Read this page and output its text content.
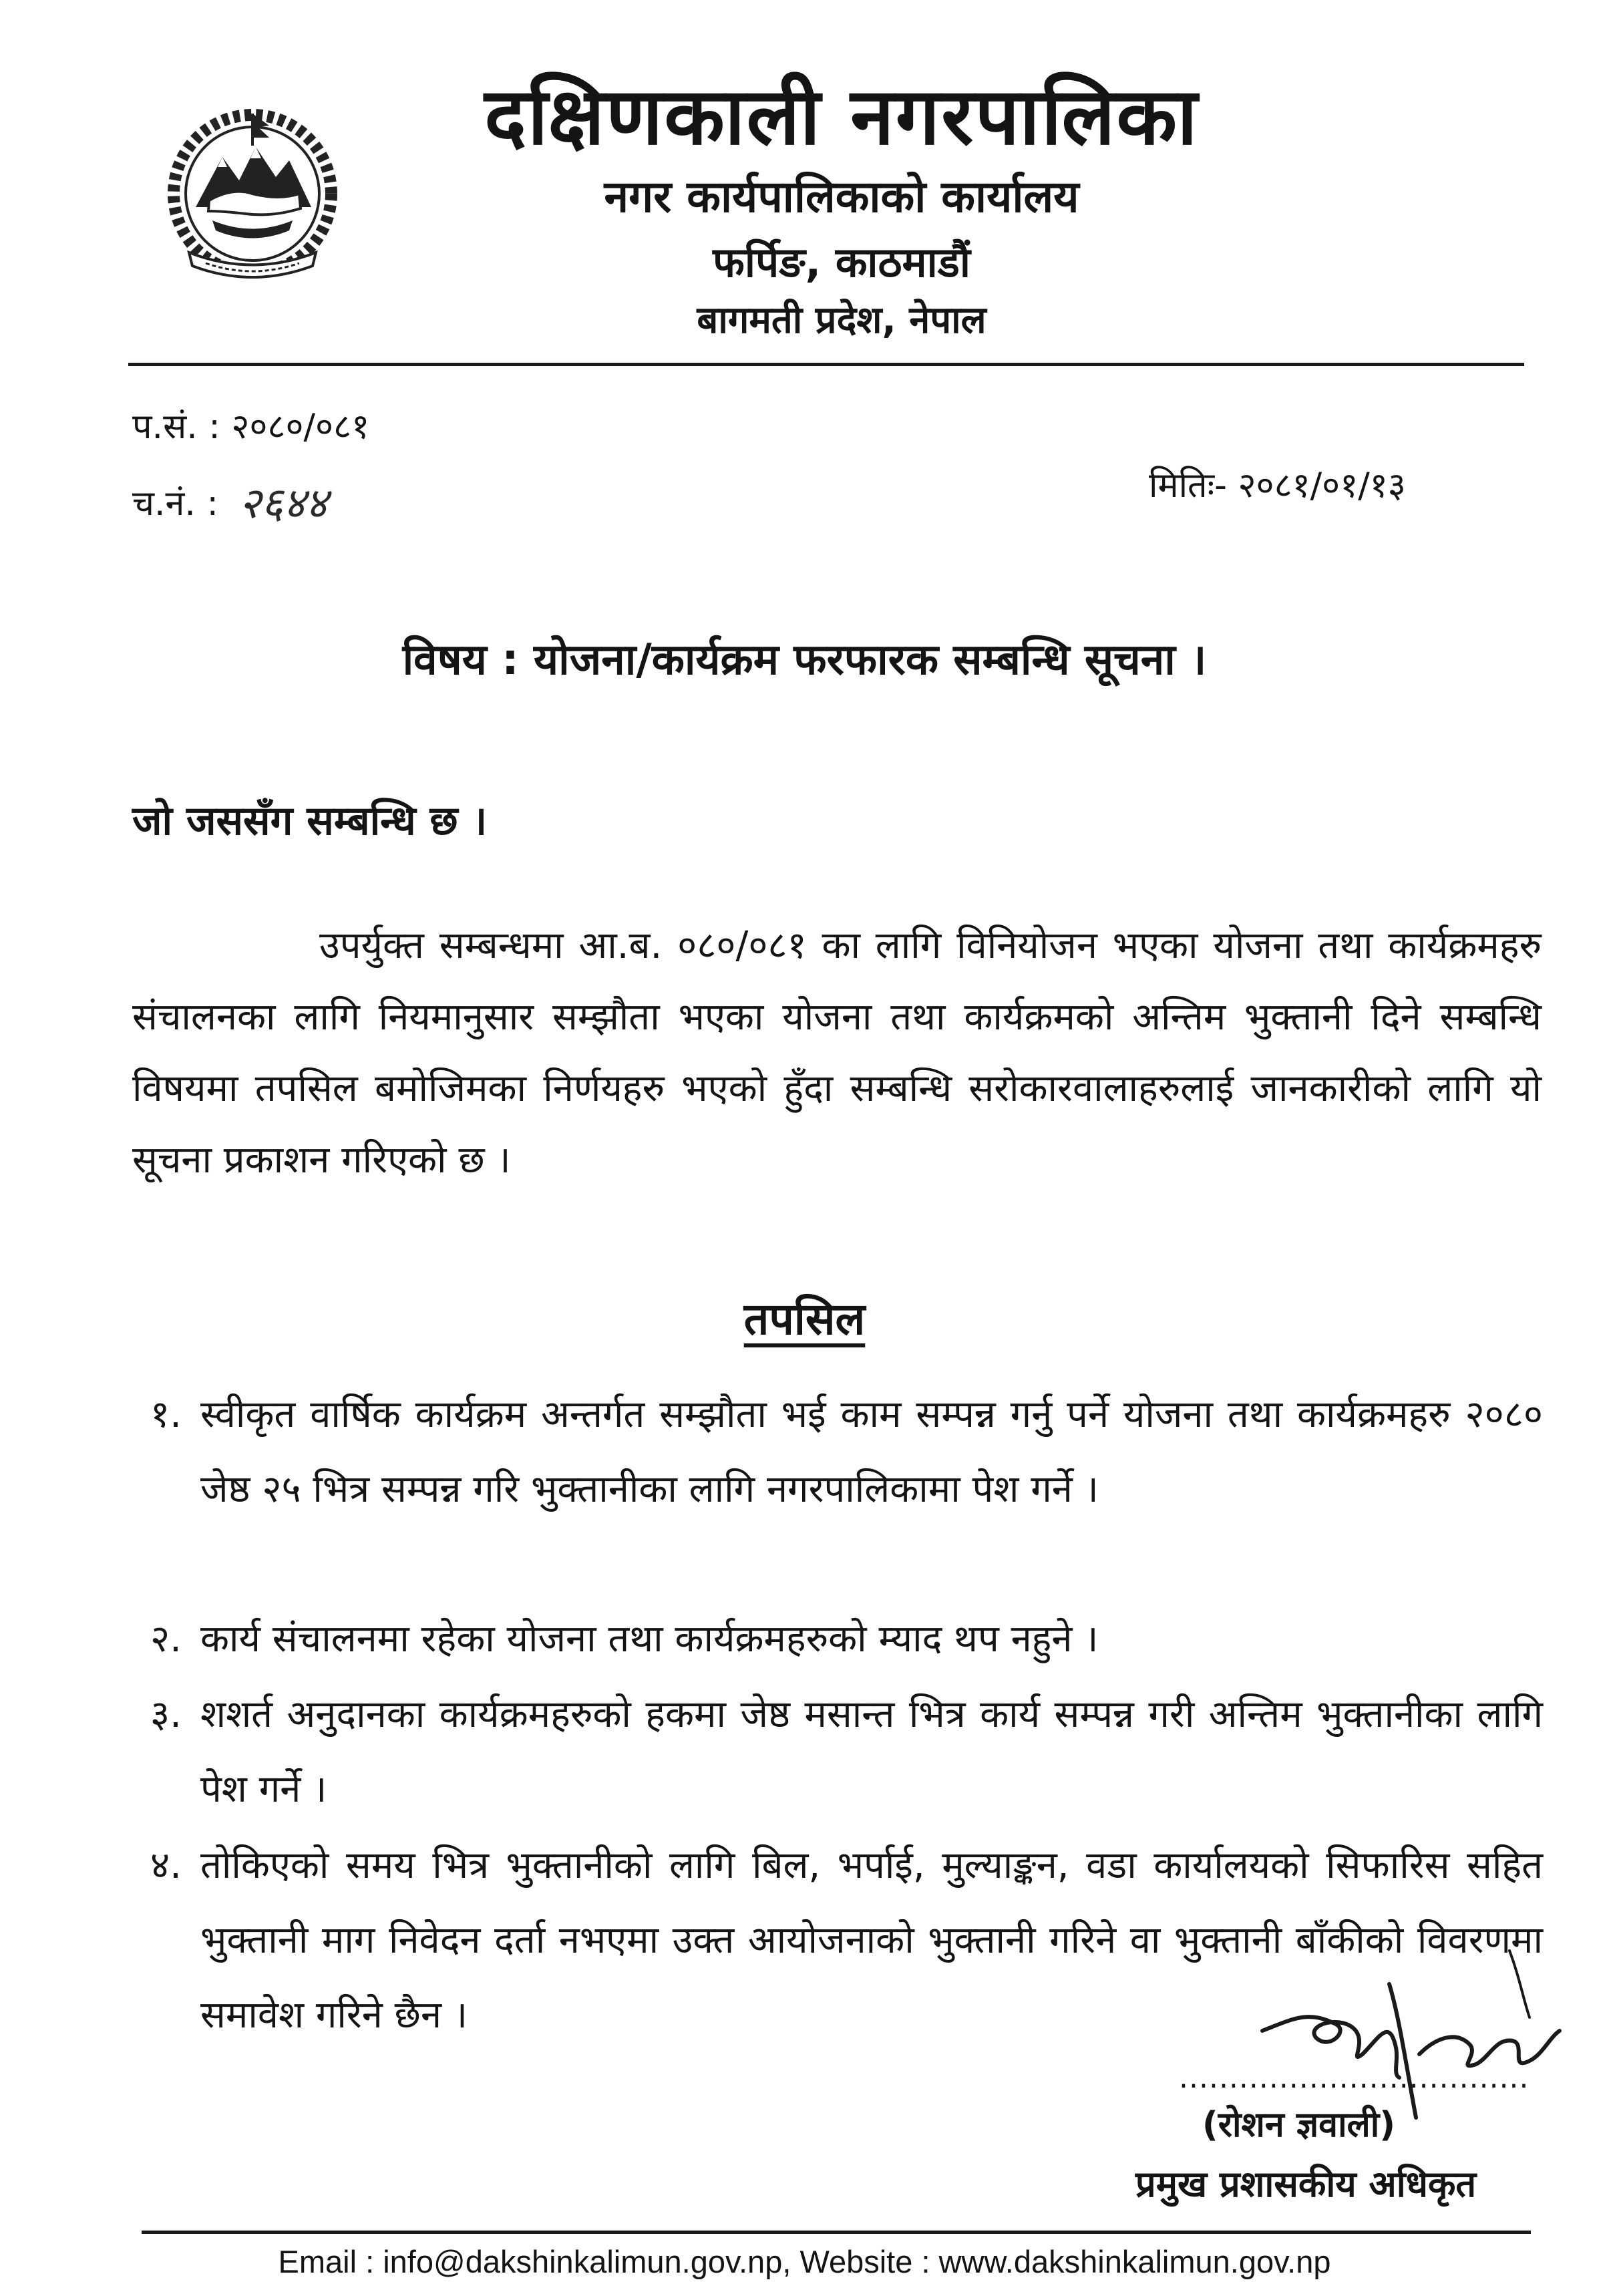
दक्षिणकाली नगरपालिका
नगर कार्यपालिकाको कार्यालय
फर्पिङ, काठमाडौं
बागमती प्रदेश, नेपाल
प.सं. : २०८०/०८१
च.नं. : २६४४	मितिः- २०८१/०१/१३
विषय : योजना/कार्यक्रम फरफारक सम्बन्धि सूचना ।
जो जससँग सम्बन्धि छ ।
उपर्युक्त सम्बन्धमा आ.ब. ०८०/०८१ का लागि विनियोजन भएका योजना तथा कार्यक्रमहरु संचालनका लागि नियमानुसार सम्झौता भएका योजना तथा कार्यक्रमको अन्तिम भुक्तानी दिने सम्बन्धि विषयमा तपसिल बमोजिमका निर्णयहरु भएको हुँदा सम्बन्धि सरोकारवालाहरुलाई जानकारीको लागि यो सूचना प्रकाशन गरिएको छ ।
तपसिल
१. स्वीकृत वार्षिक कार्यक्रम अन्तर्गत सम्झौता भई काम सम्पन्न गर्नु पर्ने योजना तथा कार्यक्रमहरु २०८० जेष्ठ २५ भित्र सम्पन्न गरि भुक्तानीका लागि नगरपालिकामा पेश गर्ने ।
२. कार्य संचालनमा रहेका योजना तथा कार्यक्रमहरुको म्याद थप नहुने ।
३. शशर्त अनुदानका कार्यक्रमहरुको हकमा जेष्ठ मसान्त भित्र कार्य सम्पन्न गरी अन्तिम भुक्तानीका लागि पेश गर्ने ।
४. तोकिएको समय भित्र भुक्तानीको लागि बिल, भर्पाई, मुल्याङ्कन, वडा कार्यालयको सिफारिस सहित भुक्तानी माग निवेदन दर्ता नभएमा उक्त आयोजनाको भुक्तानी गरिने वा भुक्तानी बाँकीको विवरणमा समावेश गरिने छैन ।
...................................
(रोशन ज्ञवाली)
प्रमुख प्रशासकीय अधिकृत
Email : info@dakshinkalimun.gov.np, Website : www.dakshinkalimun.gov.np
